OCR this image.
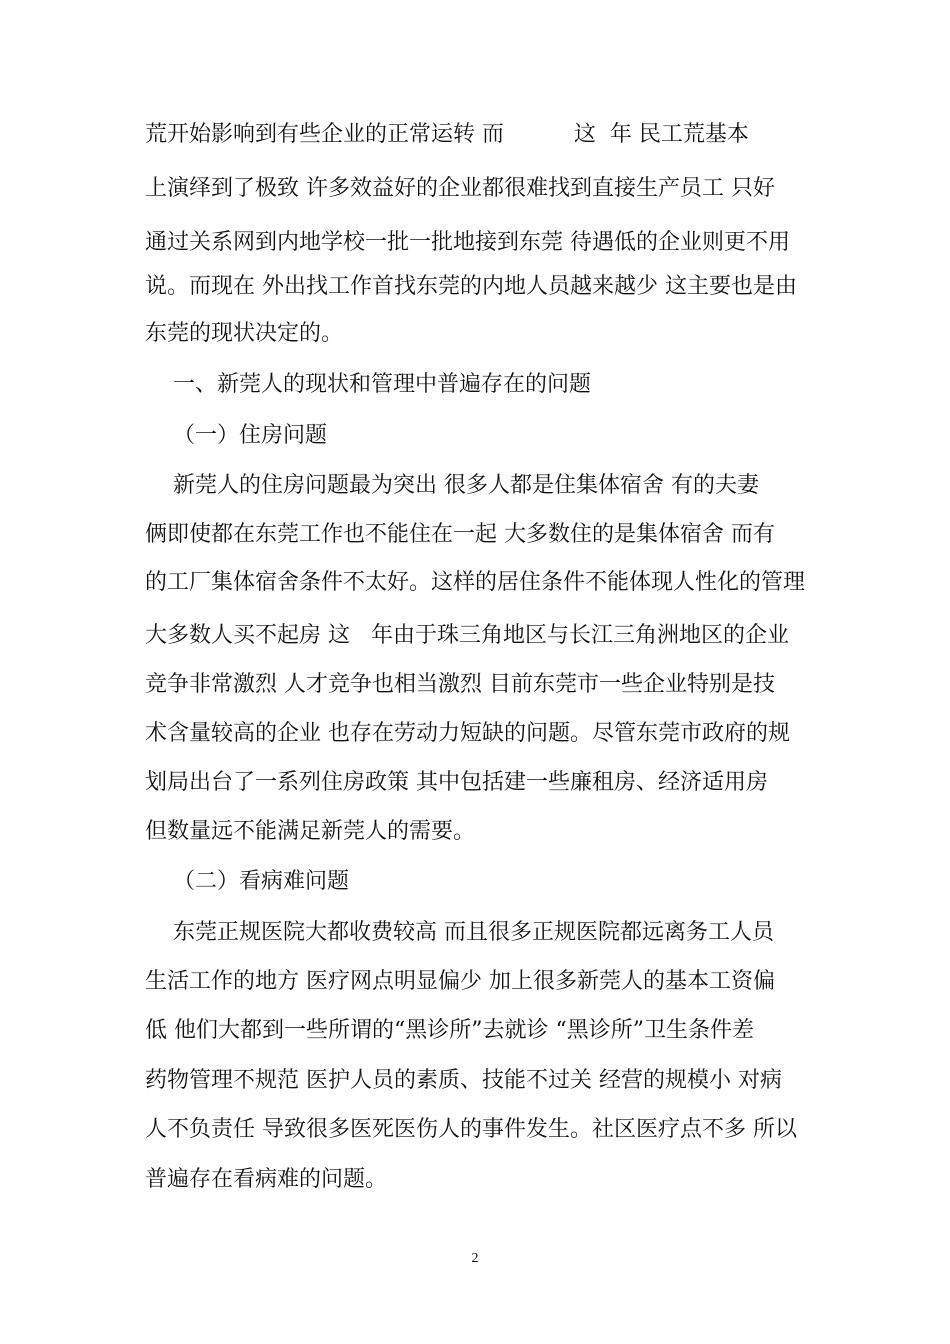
荒开始影响到有些企业的正常运转 而          这  年 民工荒基本
上演绎到了极致 许多效益好的企业都很难找到直接生产员工 只好
通过关系网到内地学校一批一批地接到东莞 待遇低的企业则更不用
说。而现在 外出找工作首找东莞的内地人员越来越少 这主要也是由
东莞的现状决定的。
一、新莞人的现状和管理中普遍存在的问题
（一）住房问题
新莞人的住房问题最为突出 很多人都是住集体宿舍 有的夫妻
俩即使都在东莞工作也不能住在一起 大多数住的是集体宿舍 而有
的工厂集体宿舍条件不太好。这样的居住条件不能体现人性化的管理
大多数人买不起房 这   年由于珠三角地区与长江三角洲地区的企业
竞争非常激烈 人才竞争也相当激烈 目前东莞市一些企业特别是技
术含量较高的企业 也存在劳动力短缺的问题。尽管东莞市政府的规
划局出台了一系列住房政策 其中包括建一些廉租房、经济适用房
但数量远不能满足新莞人的需要。
（二）看病难问题
东莞正规医院大都收费较高 而且很多正规医院都远离务工人员
生活工作的地方 医疗网点明显偏少 加上很多新莞人的基本工资偏
低 他们大都到一些所谓的“黑诊所”去就诊 “黑诊所”卫生条件差
药物管理不规范 医护人员的素质、技能不过关 经营的规模小 对病
人不负责任 导致很多医死医伤人的事件发生。社区医疗点不多 所以
普遍存在看病难的问题。
2
